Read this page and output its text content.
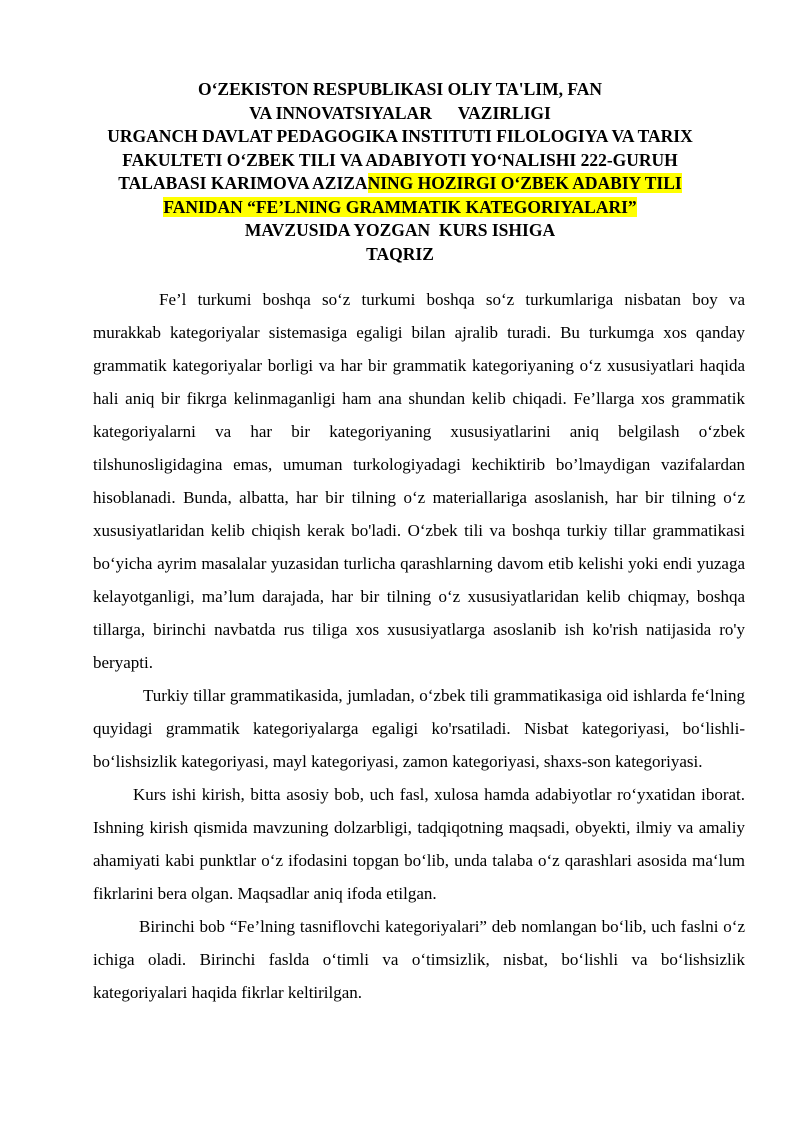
O‘ZEKISTON RESPUBLIKASI OLIY TA'LIM, FAN
VA INNOVATSIYALAR      VAZIRLIGI
URGANCH DAVLAT PEDAGOGIKA INSTITUTI FILOLOGIYA VA TARIX
FAKULTETI O‘ZBEK TILI VA ADABIYOTI YO‘NALISHI 222-GURUH
TALABASI KARIMOVA AZIZANING HOZIRGI O‘ZBEK ADABIY TILI
FANIDAN “FE’LNING GRAMMATIK KATEGORIYALARI”
MAVZUSIDA YOZGAN  KURS ISHIGA
TAQRIZ

Fe’l turkumi boshqa so‘z turkumi boshqa so‘z turkumlariga nisbatan boy va murakkab kategoriyalar sistemasiga egaligi bilan ajralib turadi. Bu turkumga xos qanday grammatik kategoriyalar borligi va har bir grammatik kategoriyaning o‘z xususiyatlari haqida hali aniq bir fikrga kelinmaganligi ham ana shundan kelib chiqadi. Fe’llarga xos grammatik kategoriyalarni va har bir kategoriyaning xususiyatlarini aniq belgilash o‘zbek tilshunosligidagina emas, umuman turkologiyadagi kechiktirib bo’lmaydigan vazifalardan hisoblanadi. Bunda, albatta, har bir tilning o‘z materiallariga asoslanish, har bir tilning o‘z xususiyatlaridan kelib chiqish kerak bo'ladi. O‘zbek tili va boshqa turkiy tillar grammatikasi bo‘yicha ayrim masalalar yuzasidan turlicha qarashlarning davom etib kelishi yoki endi yuzaga kelayotganligi, ma’lum darajada, har bir tilning o‘z xususiyatlaridan kelib chiqmay, boshqa tillarga, birinchi navbatda rus tiliga xos xususiyatlarga asoslanib ish ko'rish natijasida ro'y beryapti.

Turkiy tillar grammatikasida, jumladan, o‘zbek tili grammatikasiga oid ishlarda fe‘lning quyidagi grammatik kategoriyalarga egaligi ko'rsatiladi. Nisbat kategoriyasi, bo‘lishli-bo‘lishsizlik kategoriyasi, mayl kategoriyasi, zamon kategoriyasi, shaxs-son kategoriyasi.

Kurs ishi kirish, bitta asosiy bob, uch fasl, xulosa hamda adabiyotlar ro‘yxatidan iborat. Ishning kirish qismida mavzuning dolzarbligi, tadqiqotning maqsadi, obyekti, ilmiy va amaliy ahamiyati kabi punktlar o‘z ifodasini topgan bo‘lib, unda talaba o‘z qarashlari asosida ma‘lum fikrlarini bera olgan. Maqsadlar aniq ifoda etilgan.

Birinchi bob “Fe’lning tasniflovchi kategoriyalari” deb nomlangan bo‘lib, uch faslni o‘z ichiga oladi. Birinchi faslda o‘timli va o‘timsizlik, nisbat, bo‘lishli va bo‘lishsizlik kategoriyalari haqida fikrlar keltirilgan.
